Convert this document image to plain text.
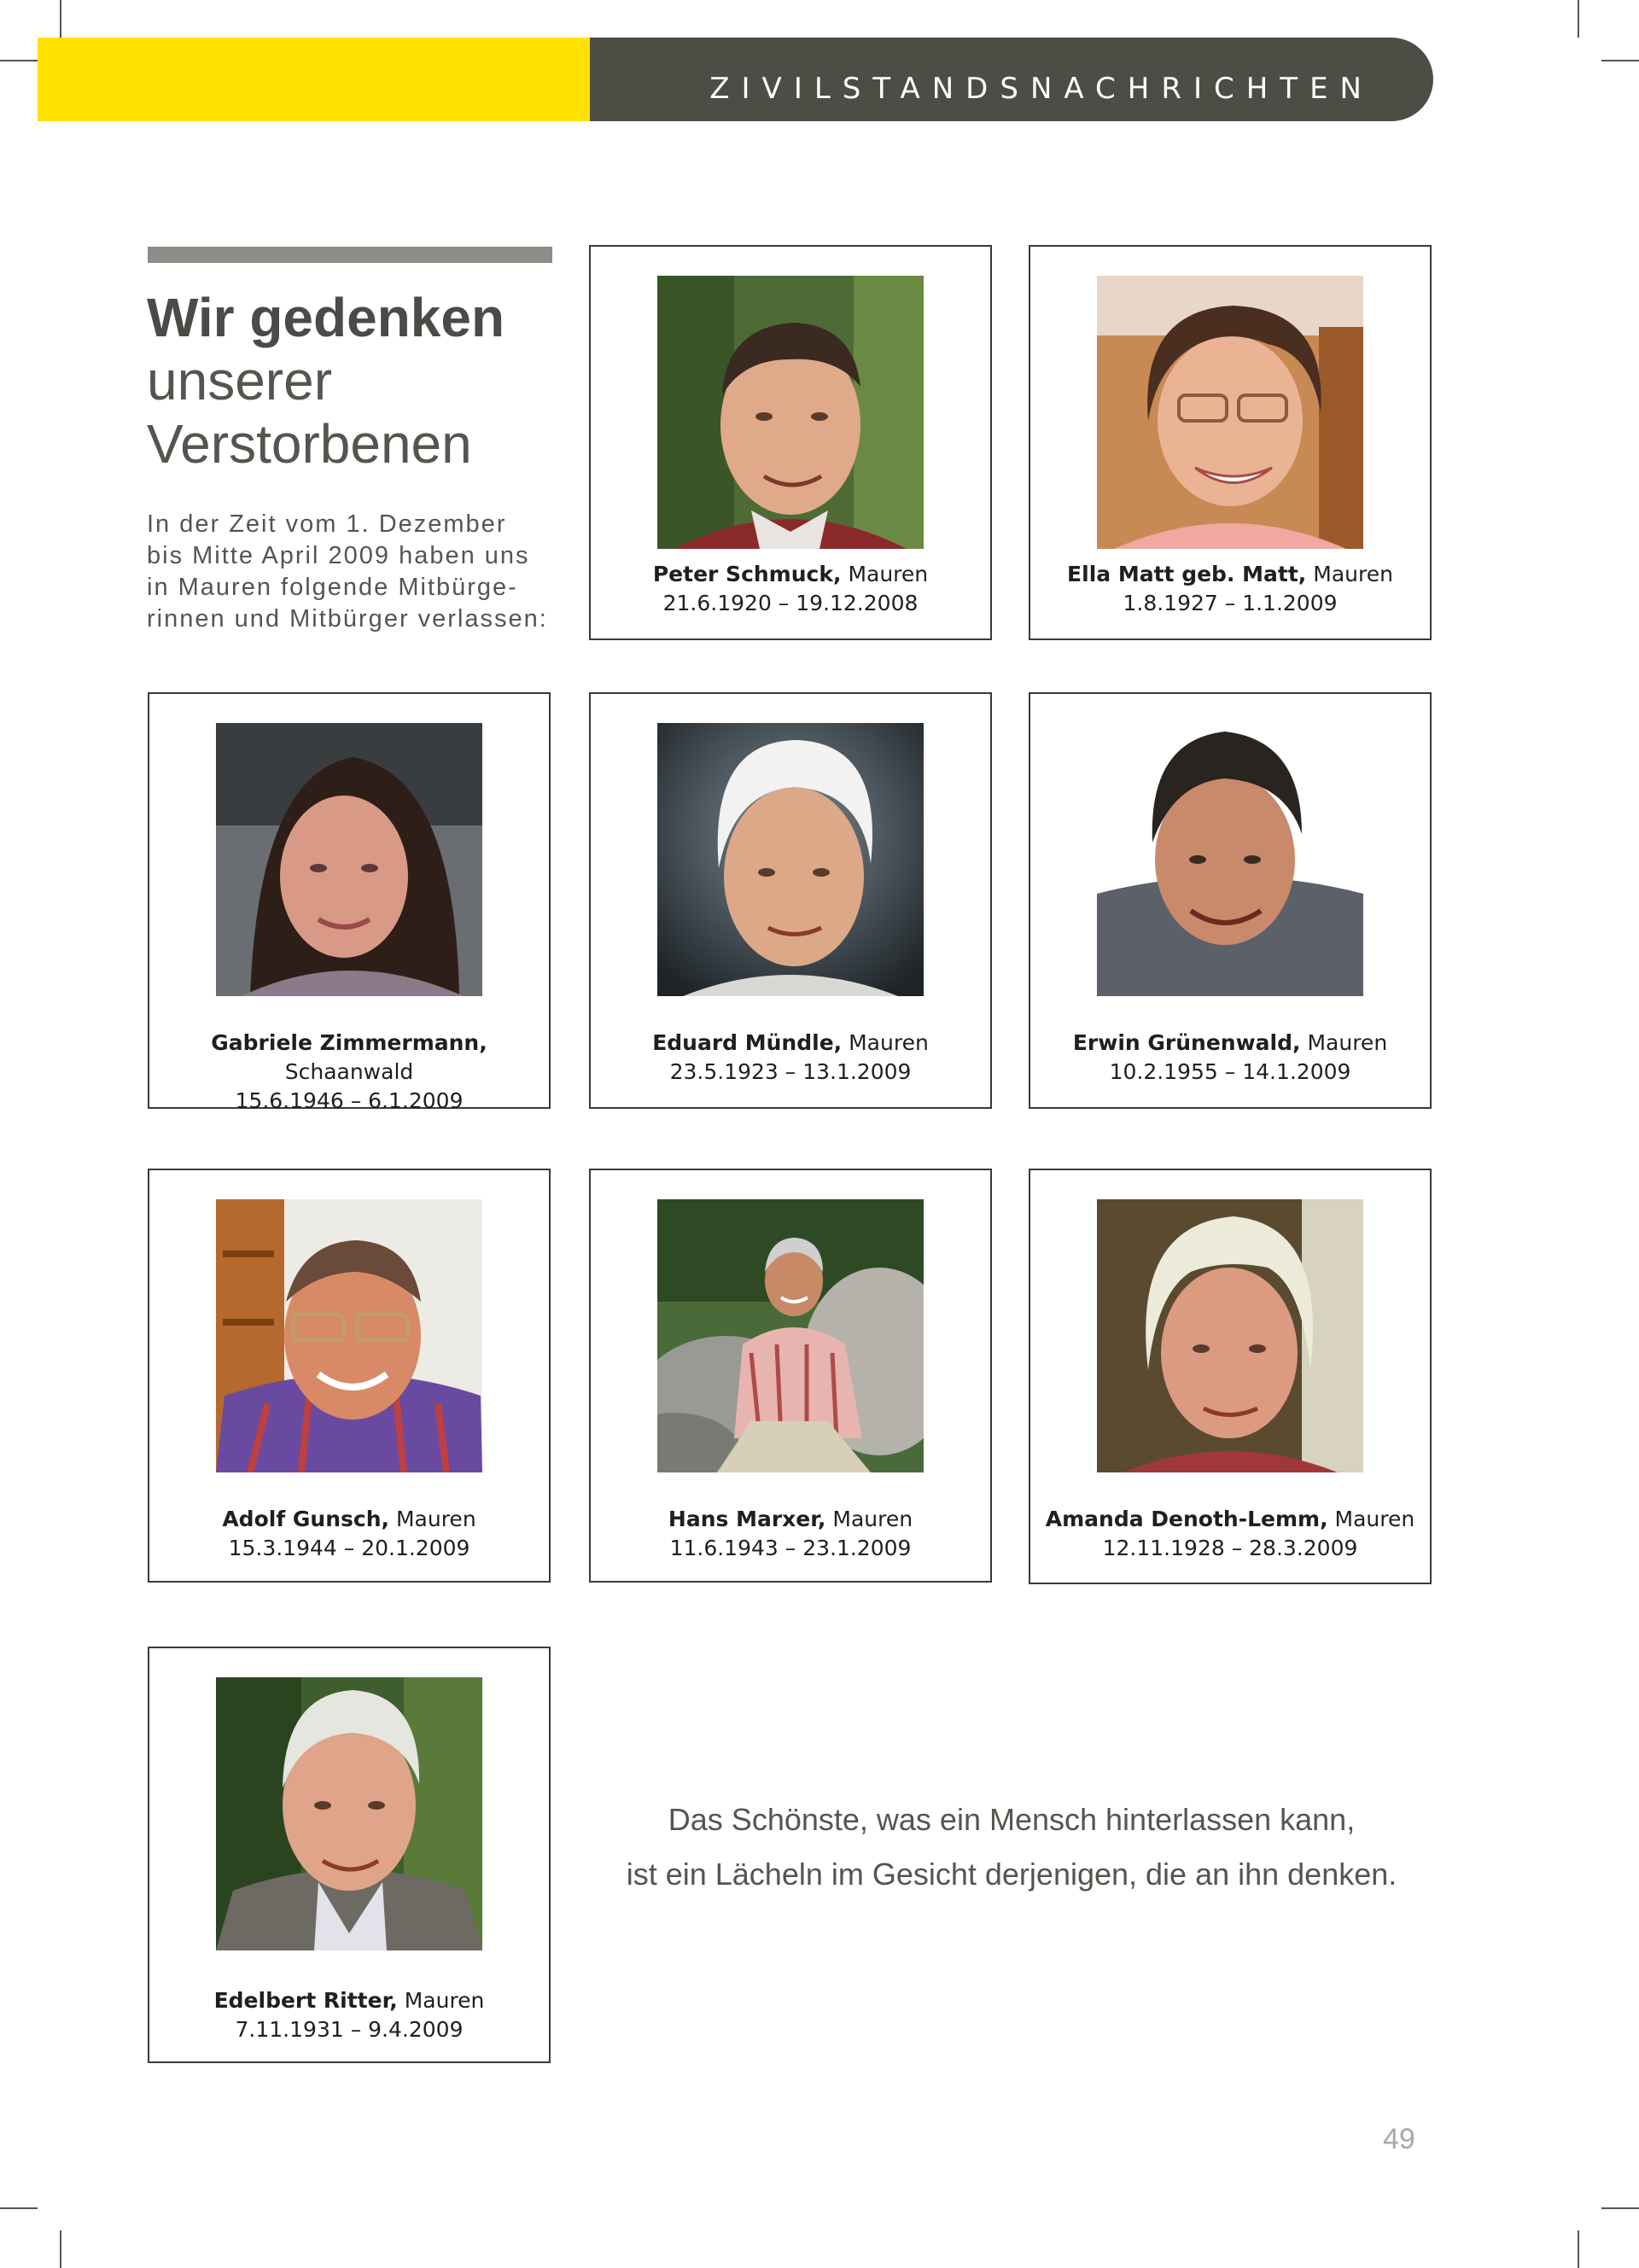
ZIVILSTANDSNACHRICHTEN
Wir gedenken
unserer
Verstorbenen
In der Zeit vom 1. Dezember
bis Mitte April 2009 haben uns
in Mauren folgende Mitbürge-
rinnen und Mitbürger verlassen:
Peter Schmuck, Mauren
21.6.1920 – 19.12.2008
Ella Matt geb. Matt, Mauren
1.8.1927 – 1.1.2009
Gabriele Zimmermann, Schaanwald
15.6.1946 – 6.1.2009
Eduard Mündle, Mauren
23.5.1923 – 13.1.2009
Erwin Grünenwald, Mauren
10.2.1955 – 14.1.2009
Adolf Gunsch, Mauren
15.3.1944 – 20.1.2009
Hans Marxer, Mauren
11.6.1943 – 23.1.2009
Amanda Denoth-Lemm, Mauren
12.11.1928 – 28.3.2009
Edelbert Ritter, Mauren
7.11.1931 – 9.4.2009
Das Schönste, was ein Mensch hinterlassen kann,
ist ein Lächeln im Gesicht derjenigen, die an ihn denken.
49
